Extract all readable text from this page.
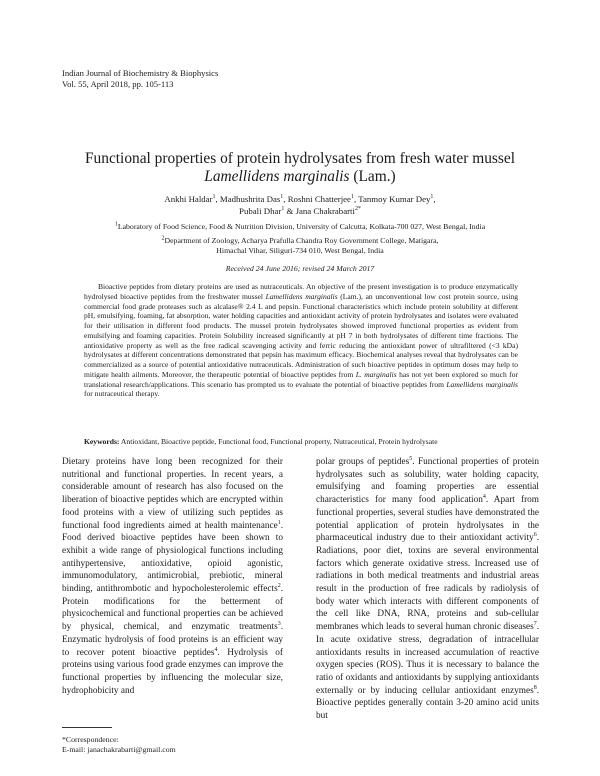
Indian Journal of Biochemistry & Biophysics
Vol. 55, April 2018, pp. 105-113
Functional properties of protein hydrolysates from fresh water mussel
Lamellidens marginalis (Lam.)
Ankhi Haldar$^1$, Madhushrita Das$^1$, Roshni Chatterjee$^1$, Tanmoy Kumar Dey$^1$,
Pubali Dhar$^1$ & Jana Chakrabarti$^{2*}$
$^1$Laboratory of Food Science, Food & Nutrition Division, University of Calcutta, Kolkata-700 027, West Bengal, India
$^2$Department of Zoology, Acharya Prafulla Chandra Roy Government College, Matigara,
Himachal Vihar, Siliguri-734 010, West Bengal, India
Received 24 June 2016; revised 24 March 2017

Bioactive peptides from dietary proteins are used as nutraceuticals. An objective of the present investigation is to produce enzymatically hydrolysed bioactive peptides from the freshwater mussel Lamellidens marginalis (Lam.), an unconventional low cost protein source, using commercial food grade proteases such as alcalase® 2.4 L and pepsin. Functional characteristics which include protein solubility at different pH, emulsifying, foaming, fat absorption, water holding capacities and antioxidant activity of protein hydrolysates and isolates were evaluated for their utilisation in different food products. The mussel protein hydrolysates showed improved functional properties as evident from emulsifying and foaming capacities. Protein Solubility increased significantly at pH 7 in both hydrolysates of different time fractions. The antioxidative property as well as the free radical scavenging activity and ferric reducing the antioxidant power of ultrafiltered (<3 kDa) hydrolysates at different concentrations demonstrated that pepsin has maximum efficacy. Biochemical analyses reveal that hydrolysates can be commercialized as a source of potential antioxidative nutraceuticals. Administration of such bioactive peptides in optimum doses may help to mitigate health ailments. Moreover, the therapeutic potential of bioactive peptides from L. marginalis has not yet been explored so much for translational research/applications. This scenario has prompted us to evaluate the potential of bioactive peptides from Lamellidens marginalis for nutraceutical therapy.

Keywords: Antioxidant, Bioactive peptide, Functional food, Functional property, Nutraceutical, Protein hydrolysate

Dietary proteins have long been recognized for their nutritional and functional properties. In recent years, a considerable amount of research has also focused on the liberation of bioactive peptides which are encrypted within food proteins with a view of utilizing such peptides as functional food ingredients aimed at health maintenance$^1$. Food derived bioactive peptides have been shown to exhibit a wide range of physiological functions including antihypertensive, antioxidative, opioid agonistic, immunomodulatory, antimicrobial, prebiotic, mineral binding, antithrombotic and hypocholesterolemic effects$^2$. Protein modifications for the betterment of physicochemical and functional properties can be achieved by physical, chemical, and enzymatic treatments$^3$. Enzymatic hydrolysis of food proteins is an efficient way to recover potent bioactive peptides$^4$. Hydrolysis of proteins using various food grade enzymes can improve the functional properties by influencing the molecular size, hydrophobicity and

polar groups of peptides$^5$. Functional properties of protein hydrolysates such as solubility, water holding capacity, emulsifying and foaming properties are essential characteristics for many food application$^4$. Apart from functional properties, several studies have demonstrated the potential application of protein hydrolysates in the pharmaceutical industry due to their antioxidant activity$^6$. Radiations, poor diet, toxins are several environmental factors which generate oxidative stress. Increased use of radiations in both medical treatments and industrial areas result in the production of free radicals by radiolysis of body water which interacts with different components of the cell like DNA, RNA, proteins and sub-cellular membranes which leads to several human chronic diseases$^7$. In acute oxidative stress, degradation of intracellular antioxidants results in increased accumulation of reactive oxygen species (ROS). Thus it is necessary to balance the ratio of oxidants and antioxidants by supplying antioxidants externally or by inducing cellular antioxidant enzymes$^8$. Bioactive peptides generally contain 3-20 amino acid units but

*Correspondence:
E-mail: janachakrabarti@gmail.com
